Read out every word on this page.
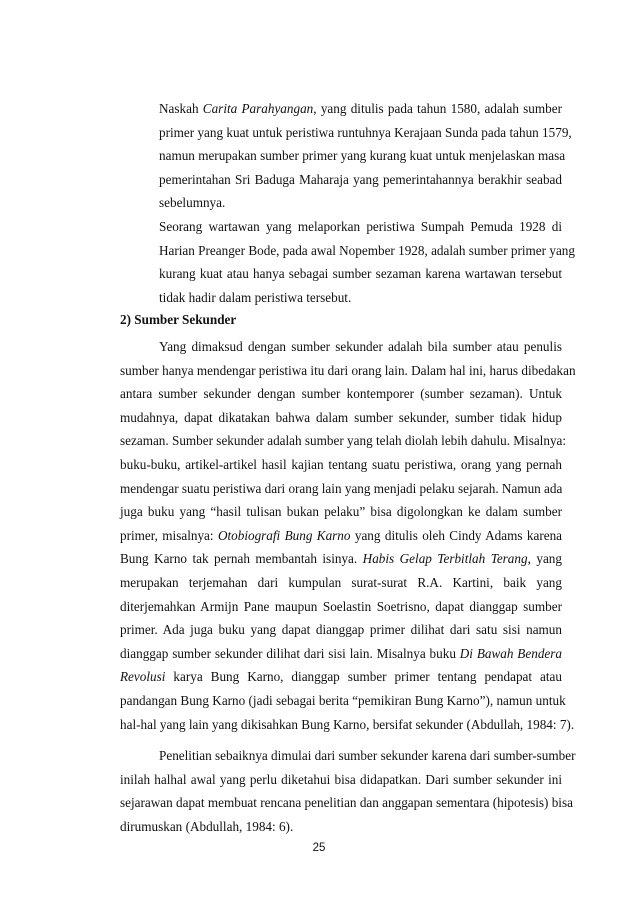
Naskah Carita Parahyangan, yang ditulis pada tahun 1580, adalah sumber
primer yang kuat untuk peristiwa runtuhnya Kerajaan Sunda pada tahun 1579,
namun merupakan sumber primer yang kurang kuat untuk menjelaskan masa
pemerintahan Sri Baduga Maharaja yang pemerintahannya berakhir seabad
sebelumnya.
Seorang wartawan yang melaporkan peristiwa Sumpah Pemuda 1928 di
Harian Preanger Bode, pada awal Nopember 1928, adalah sumber primer yang
kurang kuat atau hanya sebagai sumber sezaman karena wartawan tersebut
tidak hadir dalam peristiwa tersebut.
2) Sumber Sekunder
Yang dimaksud dengan sumber sekunder adalah bila sumber atau penulis
sumber hanya mendengar peristiwa itu dari orang lain. Dalam hal ini, harus dibedakan
antara sumber sekunder dengan sumber kontemporer (sumber sezaman). Untuk
mudahnya, dapat dikatakan bahwa dalam sumber sekunder, sumber tidak hidup
sezaman. Sumber sekunder adalah sumber yang telah diolah lebih dahulu. Misalnya:
buku-buku, artikel-artikel hasil kajian tentang suatu peristiwa, orang yang pernah
mendengar suatu peristiwa dari orang lain yang menjadi pelaku sejarah. Namun ada
juga buku yang “hasil tulisan bukan pelaku” bisa digolongkan ke dalam sumber
primer, misalnya: Otobiografi Bung Karno yang ditulis oleh Cindy Adams karena
Bung Karno tak pernah membantah isinya. Habis Gelap Terbitlah Terang, yang
merupakan terjemahan dari kumpulan surat-surat R.A. Kartini, baik yang
diterjemahkan Armijn Pane maupun Soelastin Soetrisno, dapat dianggap sumber
primer. Ada juga buku yang dapat dianggap primer dilihat dari satu sisi namun
dianggap sumber sekunder dilihat dari sisi lain. Misalnya buku Di Bawah Bendera
Revolusi karya Bung Karno, dianggap sumber primer tentang pendapat atau
pandangan Bung Karno (jadi sebagai berita “pemikiran Bung Karno”), namun untuk
hal-hal yang lain yang dikisahkan Bung Karno, bersifat sekunder (Abdullah, 1984: 7).
Penelitian sebaiknya dimulai dari sumber sekunder karena dari sumber-sumber
inilah halhal awal yang perlu diketahui bisa didapatkan. Dari sumber sekunder ini
sejarawan dapat membuat rencana penelitian dan anggapan sementara (hipotesis) bisa
dirumuskan (Abdullah, 1984: 6).
25
